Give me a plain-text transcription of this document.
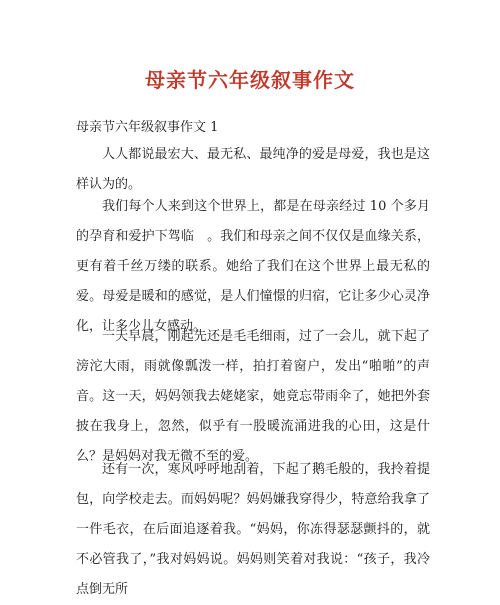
母亲节六年级叙事作文
母亲节六年级叙事作文 1

人人都说最宏大、最无私、最纯净的爱是母爱，我也是这样认为的。

我们每个人来到这个世界上，都是在母亲经过 10 个多月的孕育和爱护下驾临　。我们和母亲之间不仅仅是血缘关系，更有着千丝万缕的联系。她给了我们在这个世界上最无私的爱。母爱是暖和的感觉，是人们憧憬的归宿，它让多少心灵净化，让多少儿女感动。

一天早晨，刚起先还是毛毛细雨，过了一会儿，就下起了滂沱大雨，雨就像瓢泼一样，拍打着窗户，发出“啪啪”的声音。这一天，妈妈领我去姥姥家，她竟忘带雨伞了，她把外套披在我身上，忽然，似乎有一股暖流涌进我的心田，这是什么？是妈妈对我无微不至的爱。

还有一次，寒风呼呼地刮着，下起了鹅毛般的，我拎着提包，向学校走去。而妈妈呢？妈妈嫌我穿得少，特意给我拿了一件毛衣，在后面追逐着我。“妈妈，你冻得瑟瑟颤抖的，就不必管我了，”我对妈妈说。妈妈则笑着对我说：“孩子，我冷点倒无所
